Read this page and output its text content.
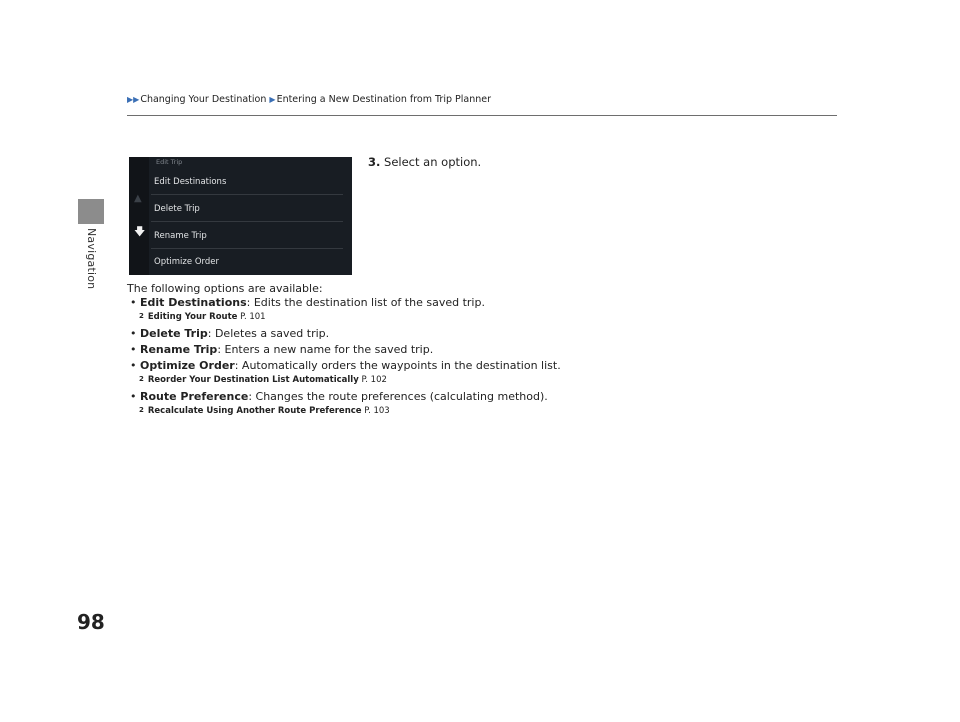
Navigation
▶▶Changing Your Destination ▶Entering a New Destination from Trip Planner
3. Select an option.
▲
🡇
Edit Trip
Edit Destinations
Delete Trip
Rename Trip
Optimize Order
The following options are available:
• Edit Destinations: Edits the destination list of the saved trip.
2 Editing Your Route P. 101
• Delete Trip: Deletes a saved trip.
• Rename Trip: Enters a new name for the saved trip.
• Optimize Order: Automatically orders the waypoints in the destination list.
2 Reorder Your Destination List Automatically P. 102
• Route Preference: Changes the route preferences (calculating method).
2 Recalculate Using Another Route Preference P. 103
98
